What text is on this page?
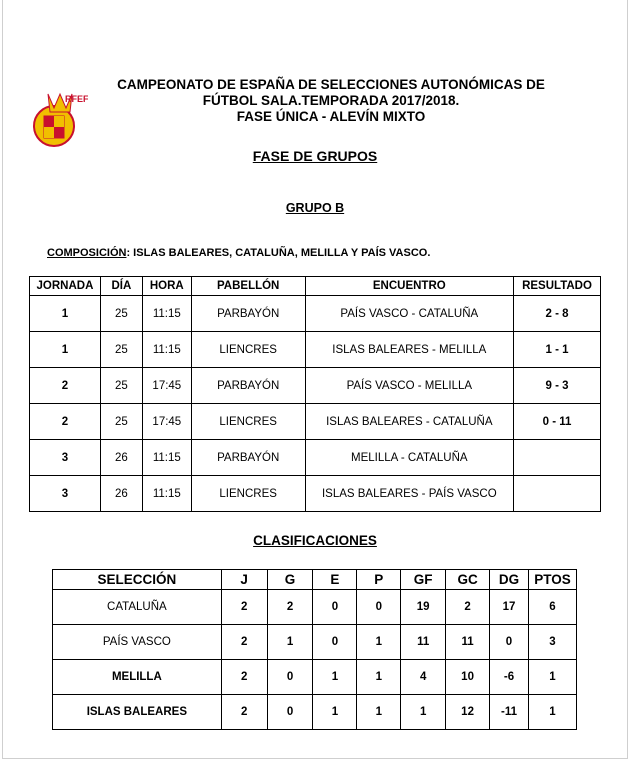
RFEF
CAMPEONATO DE ESPAÑA DE SELECCIONES AUTONÓMICAS DE
FÚTBOL SALA.TEMPORADA 2017/2018.
FASE ÚNICA - ALEVÍN MIXTO
FASE DE GRUPOS
GRUPO B
COMPOSICIÓN: ISLAS BALEARES, CATALUÑA, MELILLA Y PAÍS VASCO.
JORNADA	DÍA	HORA	PABELLÓN	ENCUENTRO	RESULTADO
1	25	11:15	PARBAYÓN	PAÍS VASCO - CATALUÑA	2 - 8
1	25	11:15	LIENCRES	ISLAS BALEARES - MELILLA	1 - 1
2	25	17:45	PARBAYÓN	PAÍS VASCO - MELILLA	9 - 3
2	25	17:45	LIENCRES	ISLAS BALEARES - CATALUÑA	0 - 11
3	26	11:15	PARBAYÓN	MELILLA - CATALUÑA	
3	26	11:15	LIENCRES	ISLAS BALEARES - PAÍS VASCO	
CLASIFICACIONES
SELECCIÓN	J	G	E	P	GF	GC	DG	PTOS
CATALUÑA	2	2	0	0	19	2	17	6
PAÍS VASCO	2	1	0	1	11	11	0	3
MELILLA	2	0	1	1	4	10	-6	1
ISLAS BALEARES	2	0	1	1	1	12	-11	1
